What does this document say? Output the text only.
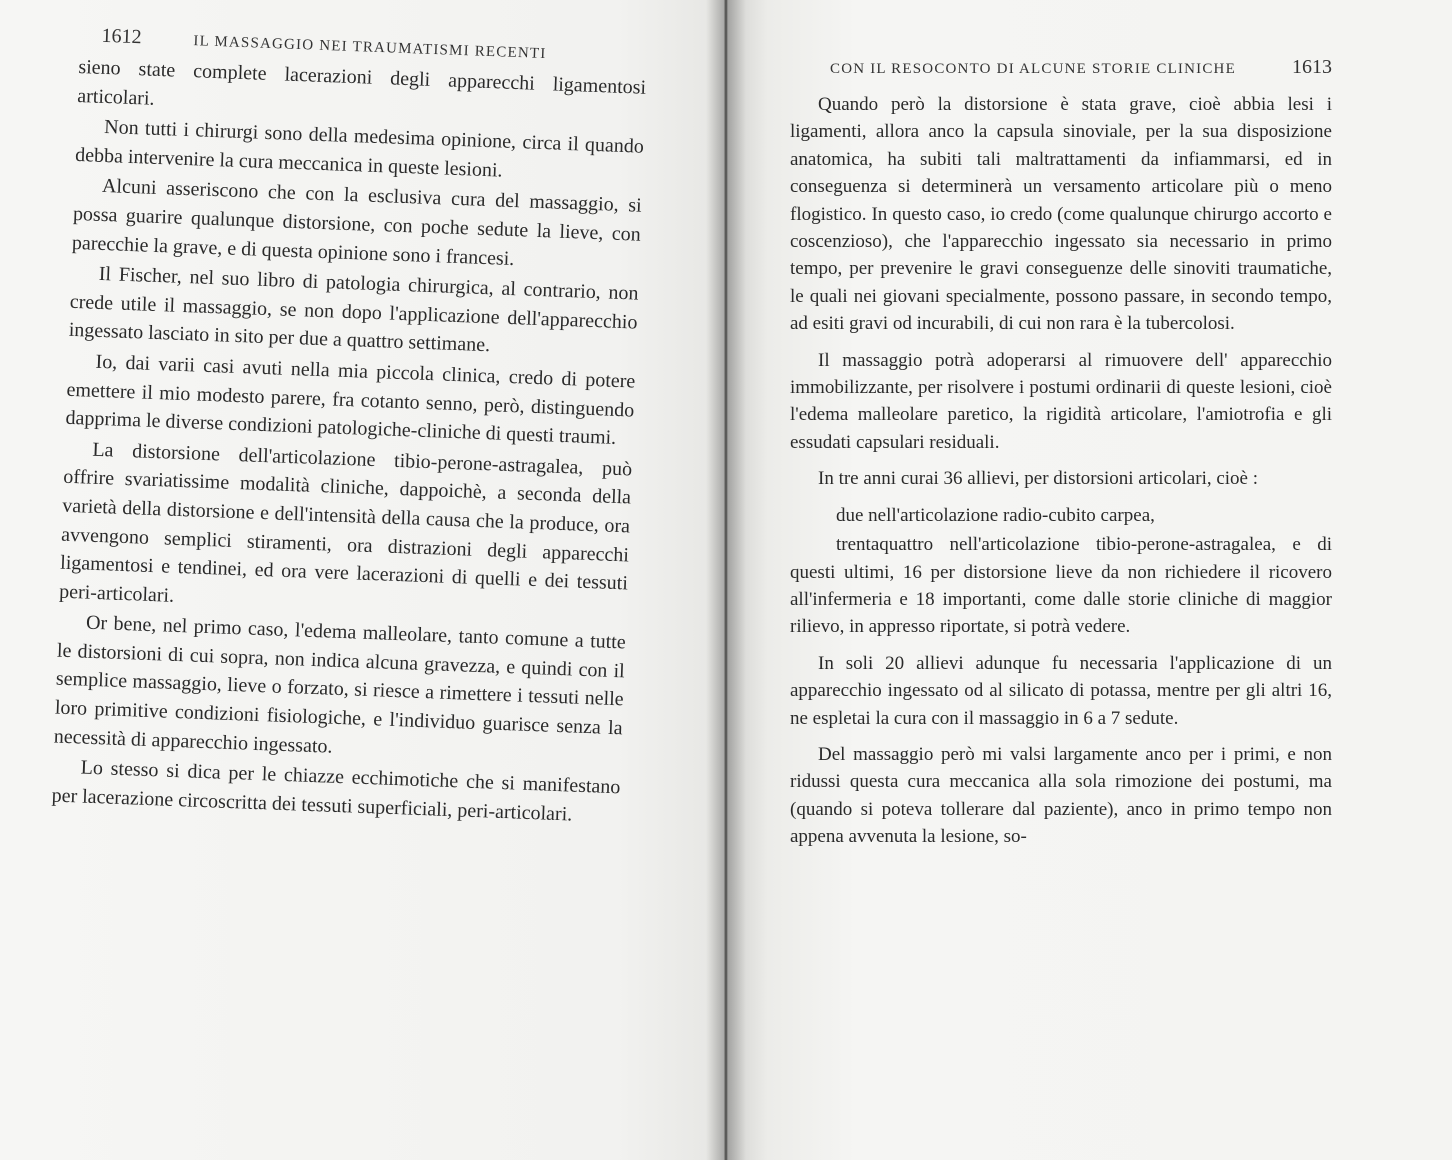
1612	IL MASSAGGIO NEI TRAUMATISMI RECENTI

sieno state complete lacerazioni degli apparecchi ligamentosi articolari.

Non tutti i chirurgi sono della medesima opinione, circa il quando debba intervenire la cura meccanica in queste lesioni.

Alcuni asseriscono che con la esclusiva cura del massaggio, si possa guarire qualunque distorsione, con poche sedute la lieve, con parecchie la grave, e di questa opinione sono i francesi.

Il Fischer, nel suo libro di patologia chirurgica, al contrario, non crede utile il massaggio, se non dopo l'applicazione dell'apparecchio ingessato lasciato in sito per due a quattro settimane.

Io, dai varii casi avuti nella mia piccola clinica, credo di potere emettere il mio modesto parere, fra cotanto senno, però, distinguendo dapprima le diverse condizioni patologiche-cliniche di questi traumi.

La distorsione dell'articolazione tibio-perone-astragalea, può offrire svariatissime modalità cliniche, dappoichè, a seconda della varietà della distorsione e dell'intensità della causa che la produce, ora avvengono semplici stiramenti, ora distrazioni degli apparecchi ligamentosi e tendinei, ed ora vere lacerazioni di quelli e dei tessuti peri-articolari.

Or bene, nel primo caso, l'edema malleolare, tanto comune a tutte le distorsioni di cui sopra, non indica alcuna gravezza, e quindi con il semplice massaggio, lieve o forzato, si riesce a rimettere i tessuti nelle loro primitive condizioni fisiologiche, e l'individuo guarisce senza la necessità di apparecchio ingessato.

Lo stesso si dica per le chiazze ecchimotiche che si manifestano per lacerazione circoscritta dei tessuti superficiali, peri-articolari.

CON IL RESOCONTO DI ALCUNE STORIE CLINICHE	1613

Quando però la distorsione è stata grave, cioè abbia lesi i ligamenti, allora anco la capsula sinoviale, per la sua disposizione anatomica, ha subiti tali maltrattamenti da infiammarsi, ed in conseguenza si determinerà un versamento articolare più o meno flogistico. In questo caso, io credo (come qualunque chirurgo accorto e coscenzioso), che l'apparecchio ingessato sia necessario in primo tempo, per prevenire le gravi conseguenze delle sinoviti traumatiche, le quali nei giovani specialmente, possono passare, in secondo tempo, ad esiti gravi od incurabili, di cui non rara è la tubercolosi.

Il massaggio potrà adoperarsi al rimuovere dell' apparecchio immobilizzante, per risolvere i postumi ordinarii di queste lesioni, cioè l'edema malleolare paretico, la rigidità articolare, l'amiotrofia e gli essudati capsulari residuali.

In tre anni curai 36 allievi, per distorsioni articolari, cioè :

due nell'articolazione radio-cubito carpea,

trentaquattro nell'articolazione tibio-perone-astragalea, e di questi ultimi, 16 per distorsione lieve da non richiedere il ricovero all'infermeria e 18 importanti, come dalle storie cliniche di maggior rilievo, in appresso riportate, si potrà vedere.

In soli 20 allievi adunque fu necessaria l'applicazione di un apparecchio ingessato od al silicato di potassa, mentre per gli altri 16, ne espletai la cura con il massaggio in 6 a 7 sedute.

Del massaggio però mi valsi largamente anco per i primi, e non ridussi questa cura meccanica alla sola rimozione dei postumi, ma (quando si poteva tollerare dal paziente), anco in primo tempo non appena avvenuta la lesione, so-
